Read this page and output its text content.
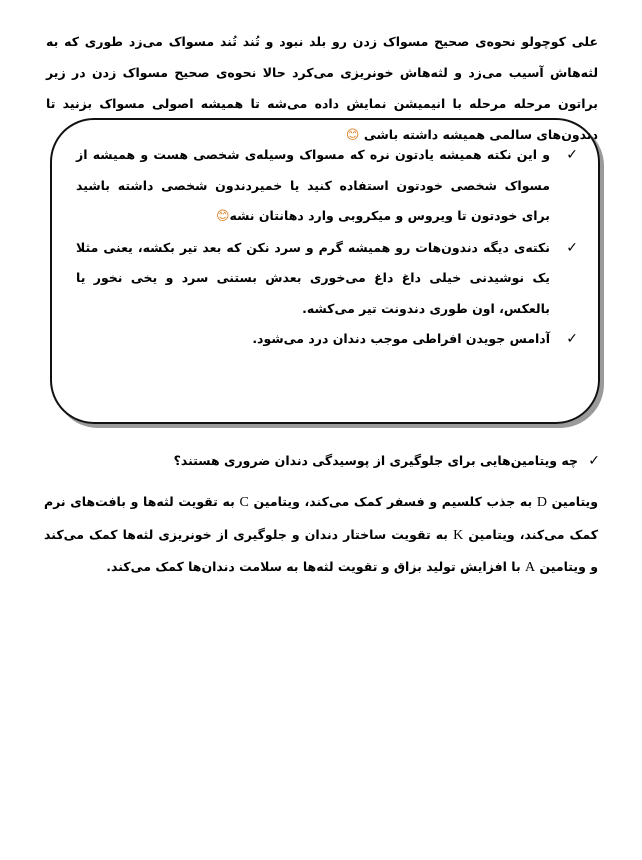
علی کوچولو نحوه‌ی صحیح مسواک زدن رو بلد نبود و تُند تُند مسواک می‌زد طوری که به لثه‌هاش آسیب می‌زد و لثه‌هاش خونریزی می‌کرد حالا نحوه‌ی صحیح مسواک زدن در زیر براتون مرحله مرحله با انیمیشن نمایش داده می‌شه تا همیشه اصولی مسواک بزنید تا دندون‌های سالمی همیشه داشته باشی 😊
✓
و این نکته همیشه یادتون نره که مسواک وسیله‌ی شخصی هست و همیشه از مسواک شخصی خودتون استفاده کنید یا خمیردندون شخصی داشته باشید برای خودتون تا ویروس و میکروبی وارد دهانتان نشه😊
✓
نکته‌ی دیگه دندون‌هات رو همیشه گرم و سرد نکن که بعد تیر بکشه، یعنی مثلا یک نوشیدنی خیلی داغ داغ می‌خوری بعدش بستنی سرد و یخی نخور یا بالعکس، اون طوری دندونت تیر می‌کشه.
✓
آدامس جویدن افراطی موجب دندان درد می‌شود.
✓
چه ویتامین‌هایی برای جلوگیری از پوسیدگی دندان ضروری هستند؟
ویتامین D به جذب کلسیم و فسفر کمک می‌کند، ویتامین C به تقویت لثه‌ها و بافت‌های نرم کمک می‌کند، ویتامین K به تقویت ساختار دندان و جلوگیری از خونریزی لثه‌ها کمک می‌کند و ویتامین A با افزایش تولید بزاق و تقویت لثه‌ها به سلامت دندان‌ها کمک می‌کند.
